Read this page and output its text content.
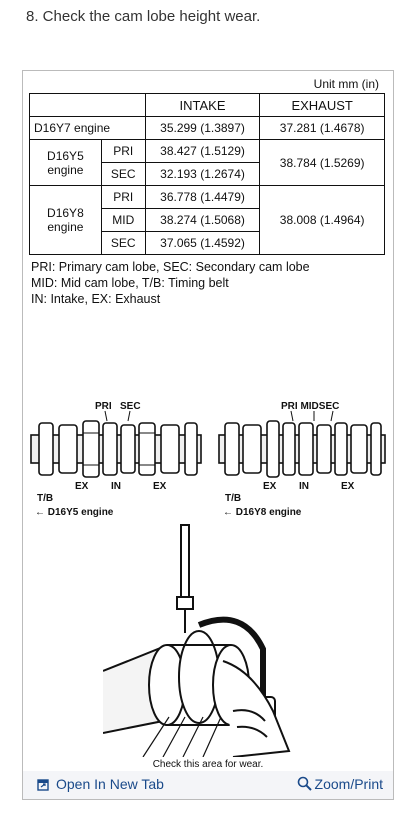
8. Check the cam lobe height wear.
Unit mm (in)
		INTAKE	EXHAUST
D16Y7 engine		35.299 (1.3897)	37.281 (1.4678)
D16Y5
engine	PRI	38.427 (1.5129)	38.784 (1.5269)
	SEC	32.193 (1.2674)	
D16Y8
engine	PRI	36.778 (1.4479)	38.008 (1.4964)
	MID	38.274 (1.5068)	
	SEC	37.065 (1.4592)	
PRI: Primary cam lobe, SEC: Secondary cam lobe
MID: Mid cam lobe, T/B: Timing belt
IN: Intake, EX: Exhaust
PRI SEC
EX IN	EX
T/B
← D16Y5 engine
PRI MIDSEC
EX IN	EX
T/B
← D16Y8 engine
Check this area for wear.
Open In New Tab	Zoom/Print
